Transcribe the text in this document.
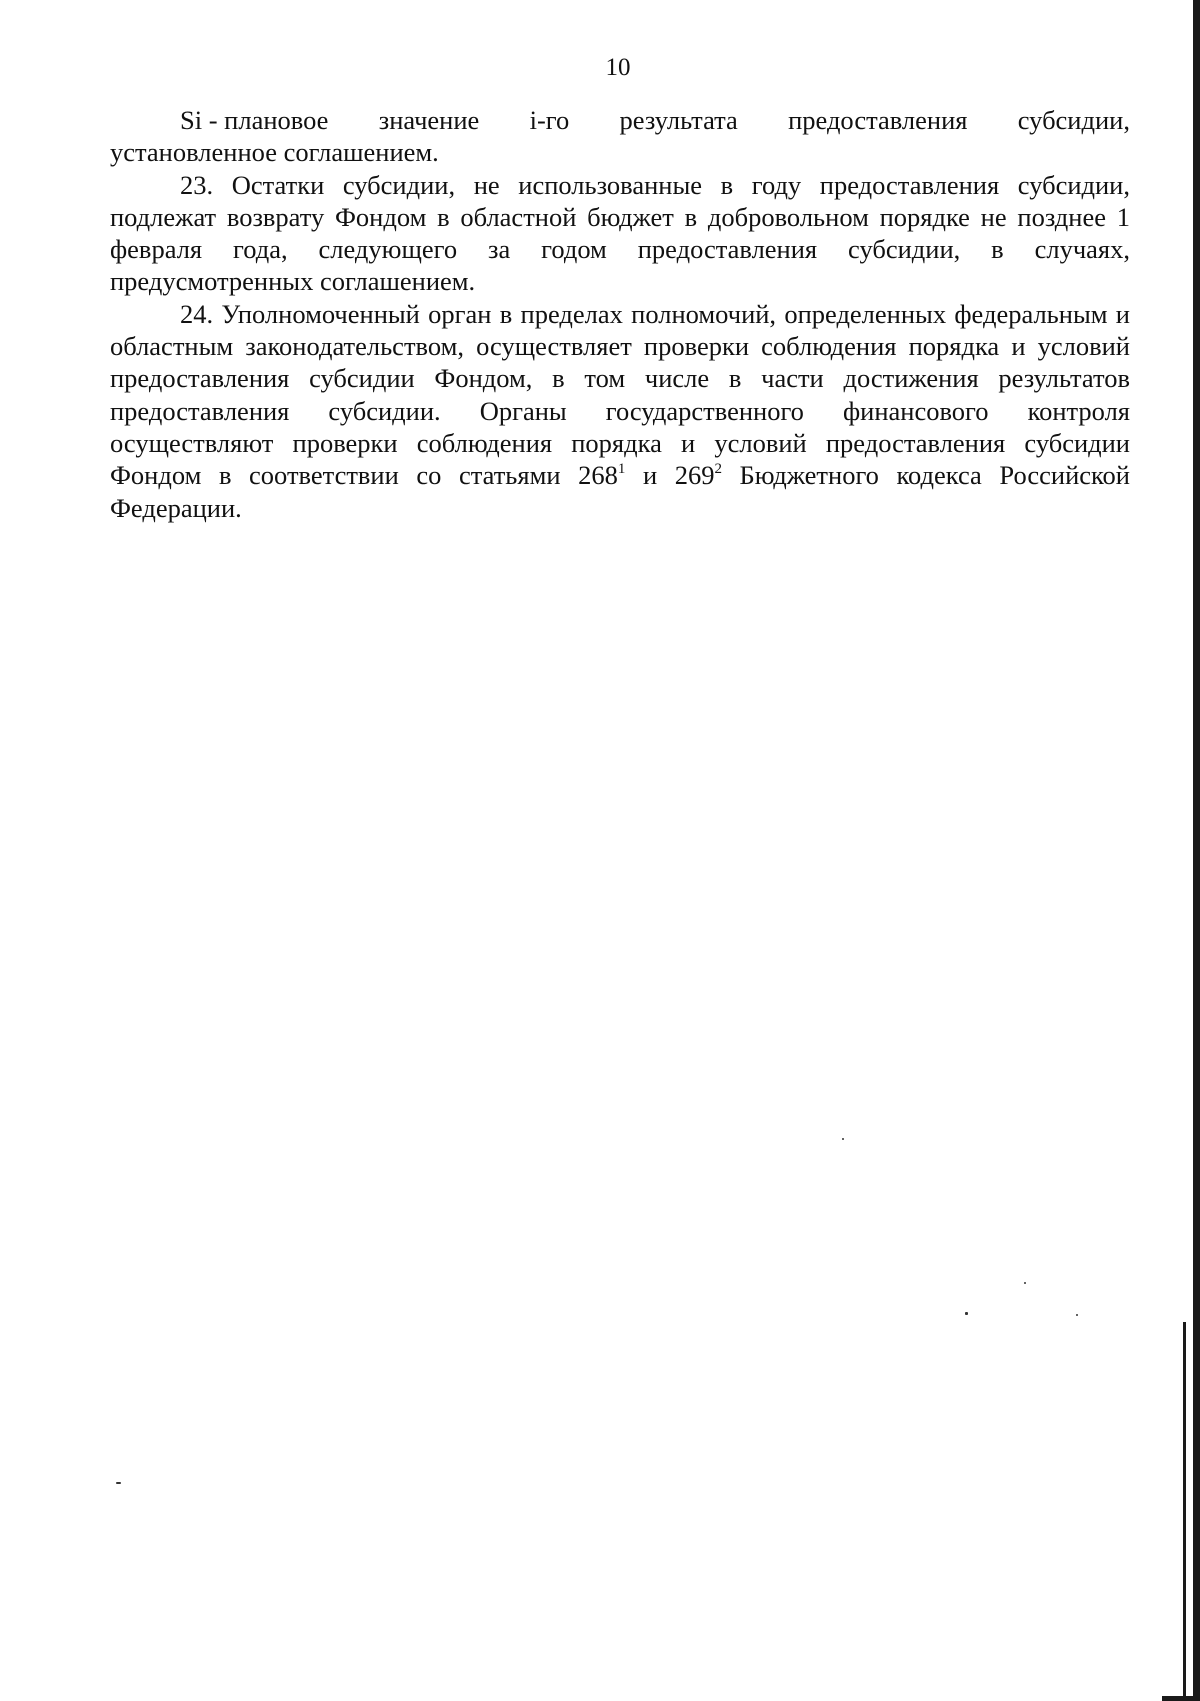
10

Si - плановое значение i-го результата предоставления субсидии,
установленное соглашением.

23. Остатки субсидии, не использованные в году предоставления субсидии, подлежат возврату Фондом в областной бюджет в добровольном порядке не позднее 1 февраля года, следующего за годом предоставления субсидии, в случаях, предусмотренных соглашением.

24. Уполномоченный орган в пределах полномочий, определенных федеральным и областным законодательством, осуществляет проверки соблюдения порядка и условий предоставления субсидии Фондом, в том числе в части достижения результатов предоставления субсидии. Органы государственного финансового контроля осуществляют проверки соблюдения порядка и условий предоставления субсидии Фондом в соответствии со статьями $268^1$ и $269^2$ Бюджетного кодекса Российской Федерации.
